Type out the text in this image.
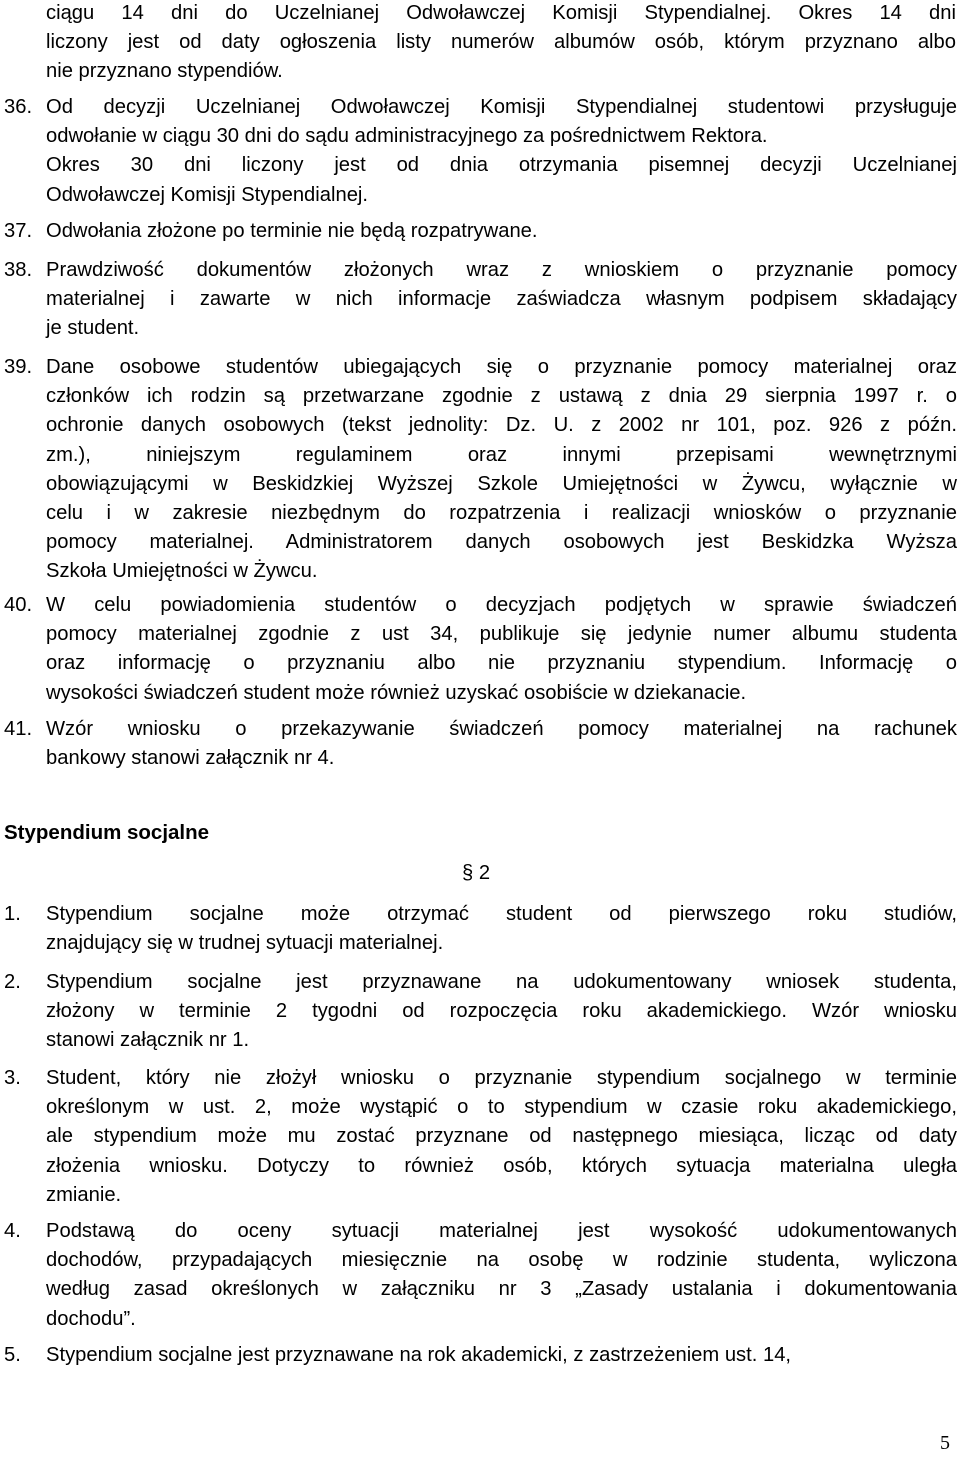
ciągu 14 dni do Uczelnianej Odwoławczej Komisji Stypendialnej. Okres 14 dni
liczony jest od daty ogłoszenia listy numerów albumów osób, którym przyznano albo
nie przyznano stypendiów.
36. Od decyzji Uczelnianej Odwoławczej Komisji Stypendialnej studentowi przysługuje
odwołanie w ciągu 30 dni do sądu administracyjnego za pośrednictwem Rektora.
Okres 30 dni liczony jest od dnia otrzymania pisemnej decyzji Uczelnianej
Odwoławczej Komisji Stypendialnej.
37. Odwołania złożone po terminie nie będą rozpatrywane.
38. Prawdziwość dokumentów złożonych wraz z wnioskiem o przyznanie pomocy
materialnej i zawarte w nich informacje zaświadcza własnym podpisem składający
je student.
39. Dane osobowe studentów ubiegających się o przyznanie pomocy materialnej oraz
członków ich rodzin są przetwarzane zgodnie z ustawą z dnia 29 sierpnia 1997 r. o
ochronie danych osobowych (tekst jednolity: Dz. U. z 2002 nr 101, poz. 926 z późn.
zm.), niniejszym regulaminem oraz innymi przepisami wewnętrznymi
obowiązującymi w Beskidzkiej Wyższej Szkole Umiejętności w Żywcu, wyłącznie w
celu i w zakresie niezbędnym do rozpatrzenia i realizacji wniosków o przyznanie
pomocy materialnej. Administratorem danych osobowych jest Beskidzka Wyższa
Szkoła Umiejętności w Żywcu.
40. W celu powiadomienia studentów o decyzjach podjętych w sprawie świadczeń
pomocy materialnej zgodnie z ust 34, publikuje się jedynie numer albumu studenta
oraz informację o przyznaniu albo nie przyznaniu stypendium. Informację o
wysokości świadczeń student może również uzyskać osobiście w dziekanacie.
41. Wzór wniosku o przekazywanie świadczeń pomocy materialnej na rachunek
bankowy stanowi załącznik nr 4.
Stypendium socjalne
§ 2
1. Stypendium socjalne może otrzymać student od pierwszego roku studiów,
znajdujący się w trudnej sytuacji materialnej.
2. Stypendium socjalne jest przyznawane na udokumentowany wniosek studenta,
złożony w terminie 2 tygodni od rozpoczęcia roku akademickiego. Wzór wniosku
stanowi załącznik nr 1.
3. Student, który nie złożył wniosku o przyznanie stypendium socjalnego w terminie
określonym w ust. 2, może wystąpić o to stypendium w czasie roku akademickiego,
ale stypendium może mu zostać przyznane od następnego miesiąca, licząc od daty
złożenia wniosku. Dotyczy to również osób, których sytuacja materialna uległa
zmianie.
4. Podstawą do oceny sytuacji materialnej jest wysokość udokumentowanych
dochodów, przypadających miesięcznie na osobę w rodzinie studenta, wyliczona
według zasad określonych w załączniku nr 3 „Zasady ustalania i dokumentowania
dochodu”.
5. Stypendium socjalne jest przyznawane na rok akademicki, z zastrzeżeniem ust. 14,
5
